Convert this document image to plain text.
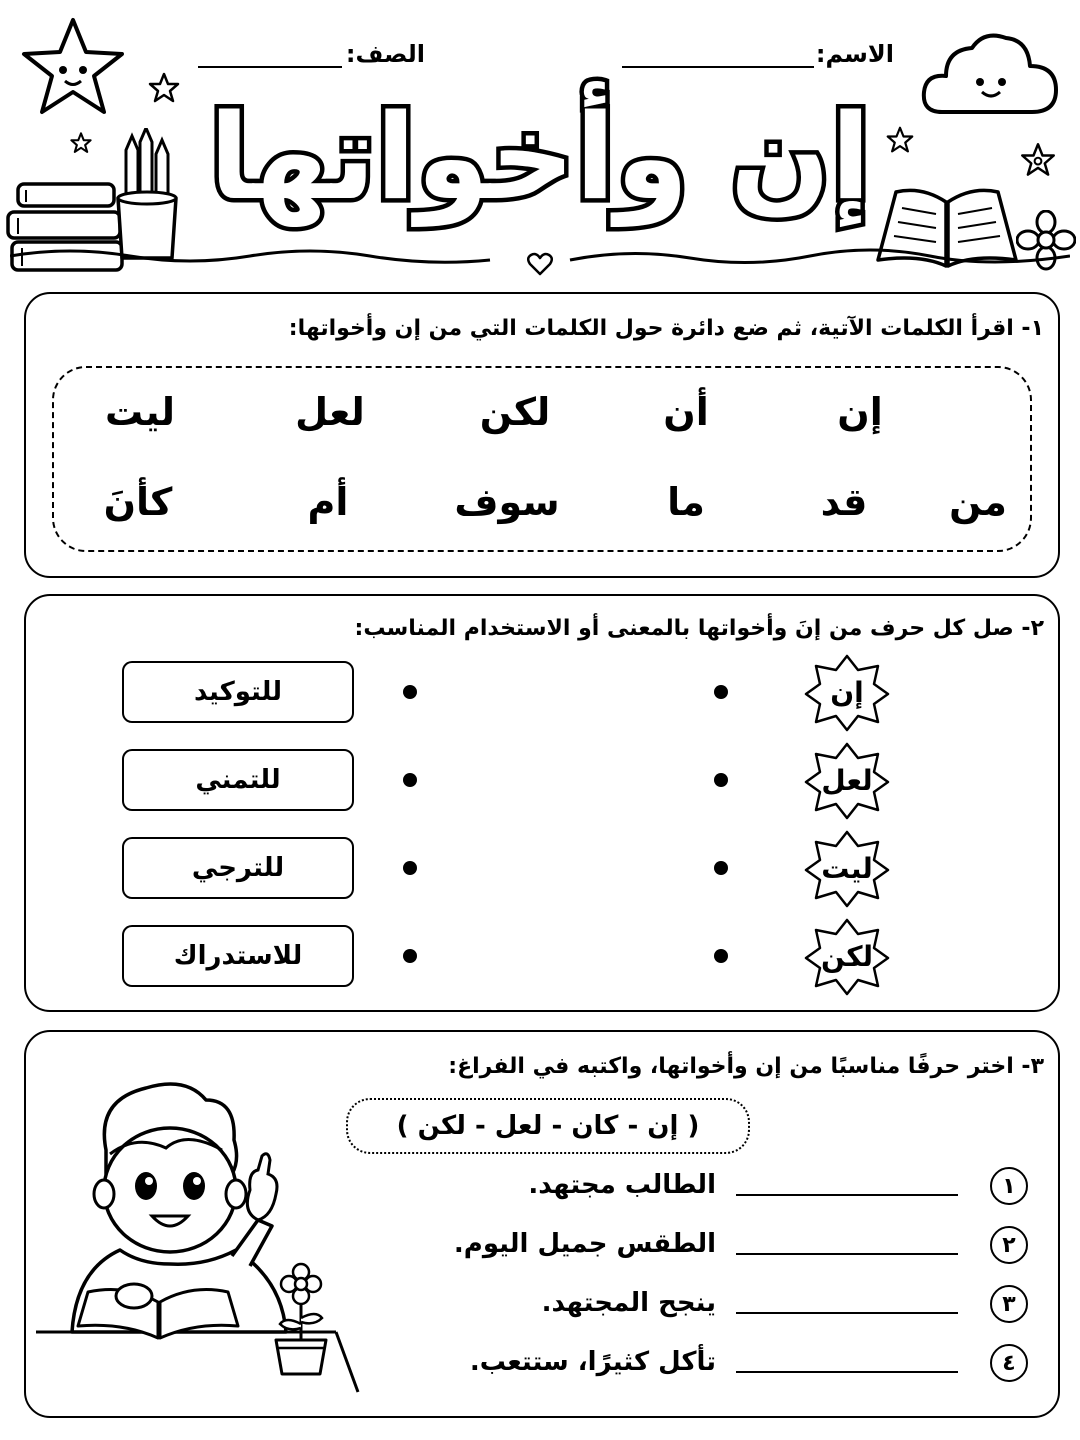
الاسم:
الصف:
إن وأخواتها
١- اقرأ الكلمات الآتية، ثم ضع دائرة حول الكلمات التي من إن وأخواتها:
إن
أن
لكن
لعل
ليت
من
قد
ما
سوف
أم
كأنَ
٢- صل كل حرف من إنَ وأخواتها بالمعنى أو الاستخدام المناسب:
إن
لعل
ليت
لكن
للتوكيد
للتمني
للترجي
للاستدراك
٣- اختر حرفًا مناسبًا من إن وأخواتها، واكتبه في الفراغ:
( إن - كان - لعل - لكن )
١
الطالب مجتهد.
٢
الطقس جميل اليوم.
٣
ينجح المجتهد.
٤
تأكل كثيرًا، ستتعب.
